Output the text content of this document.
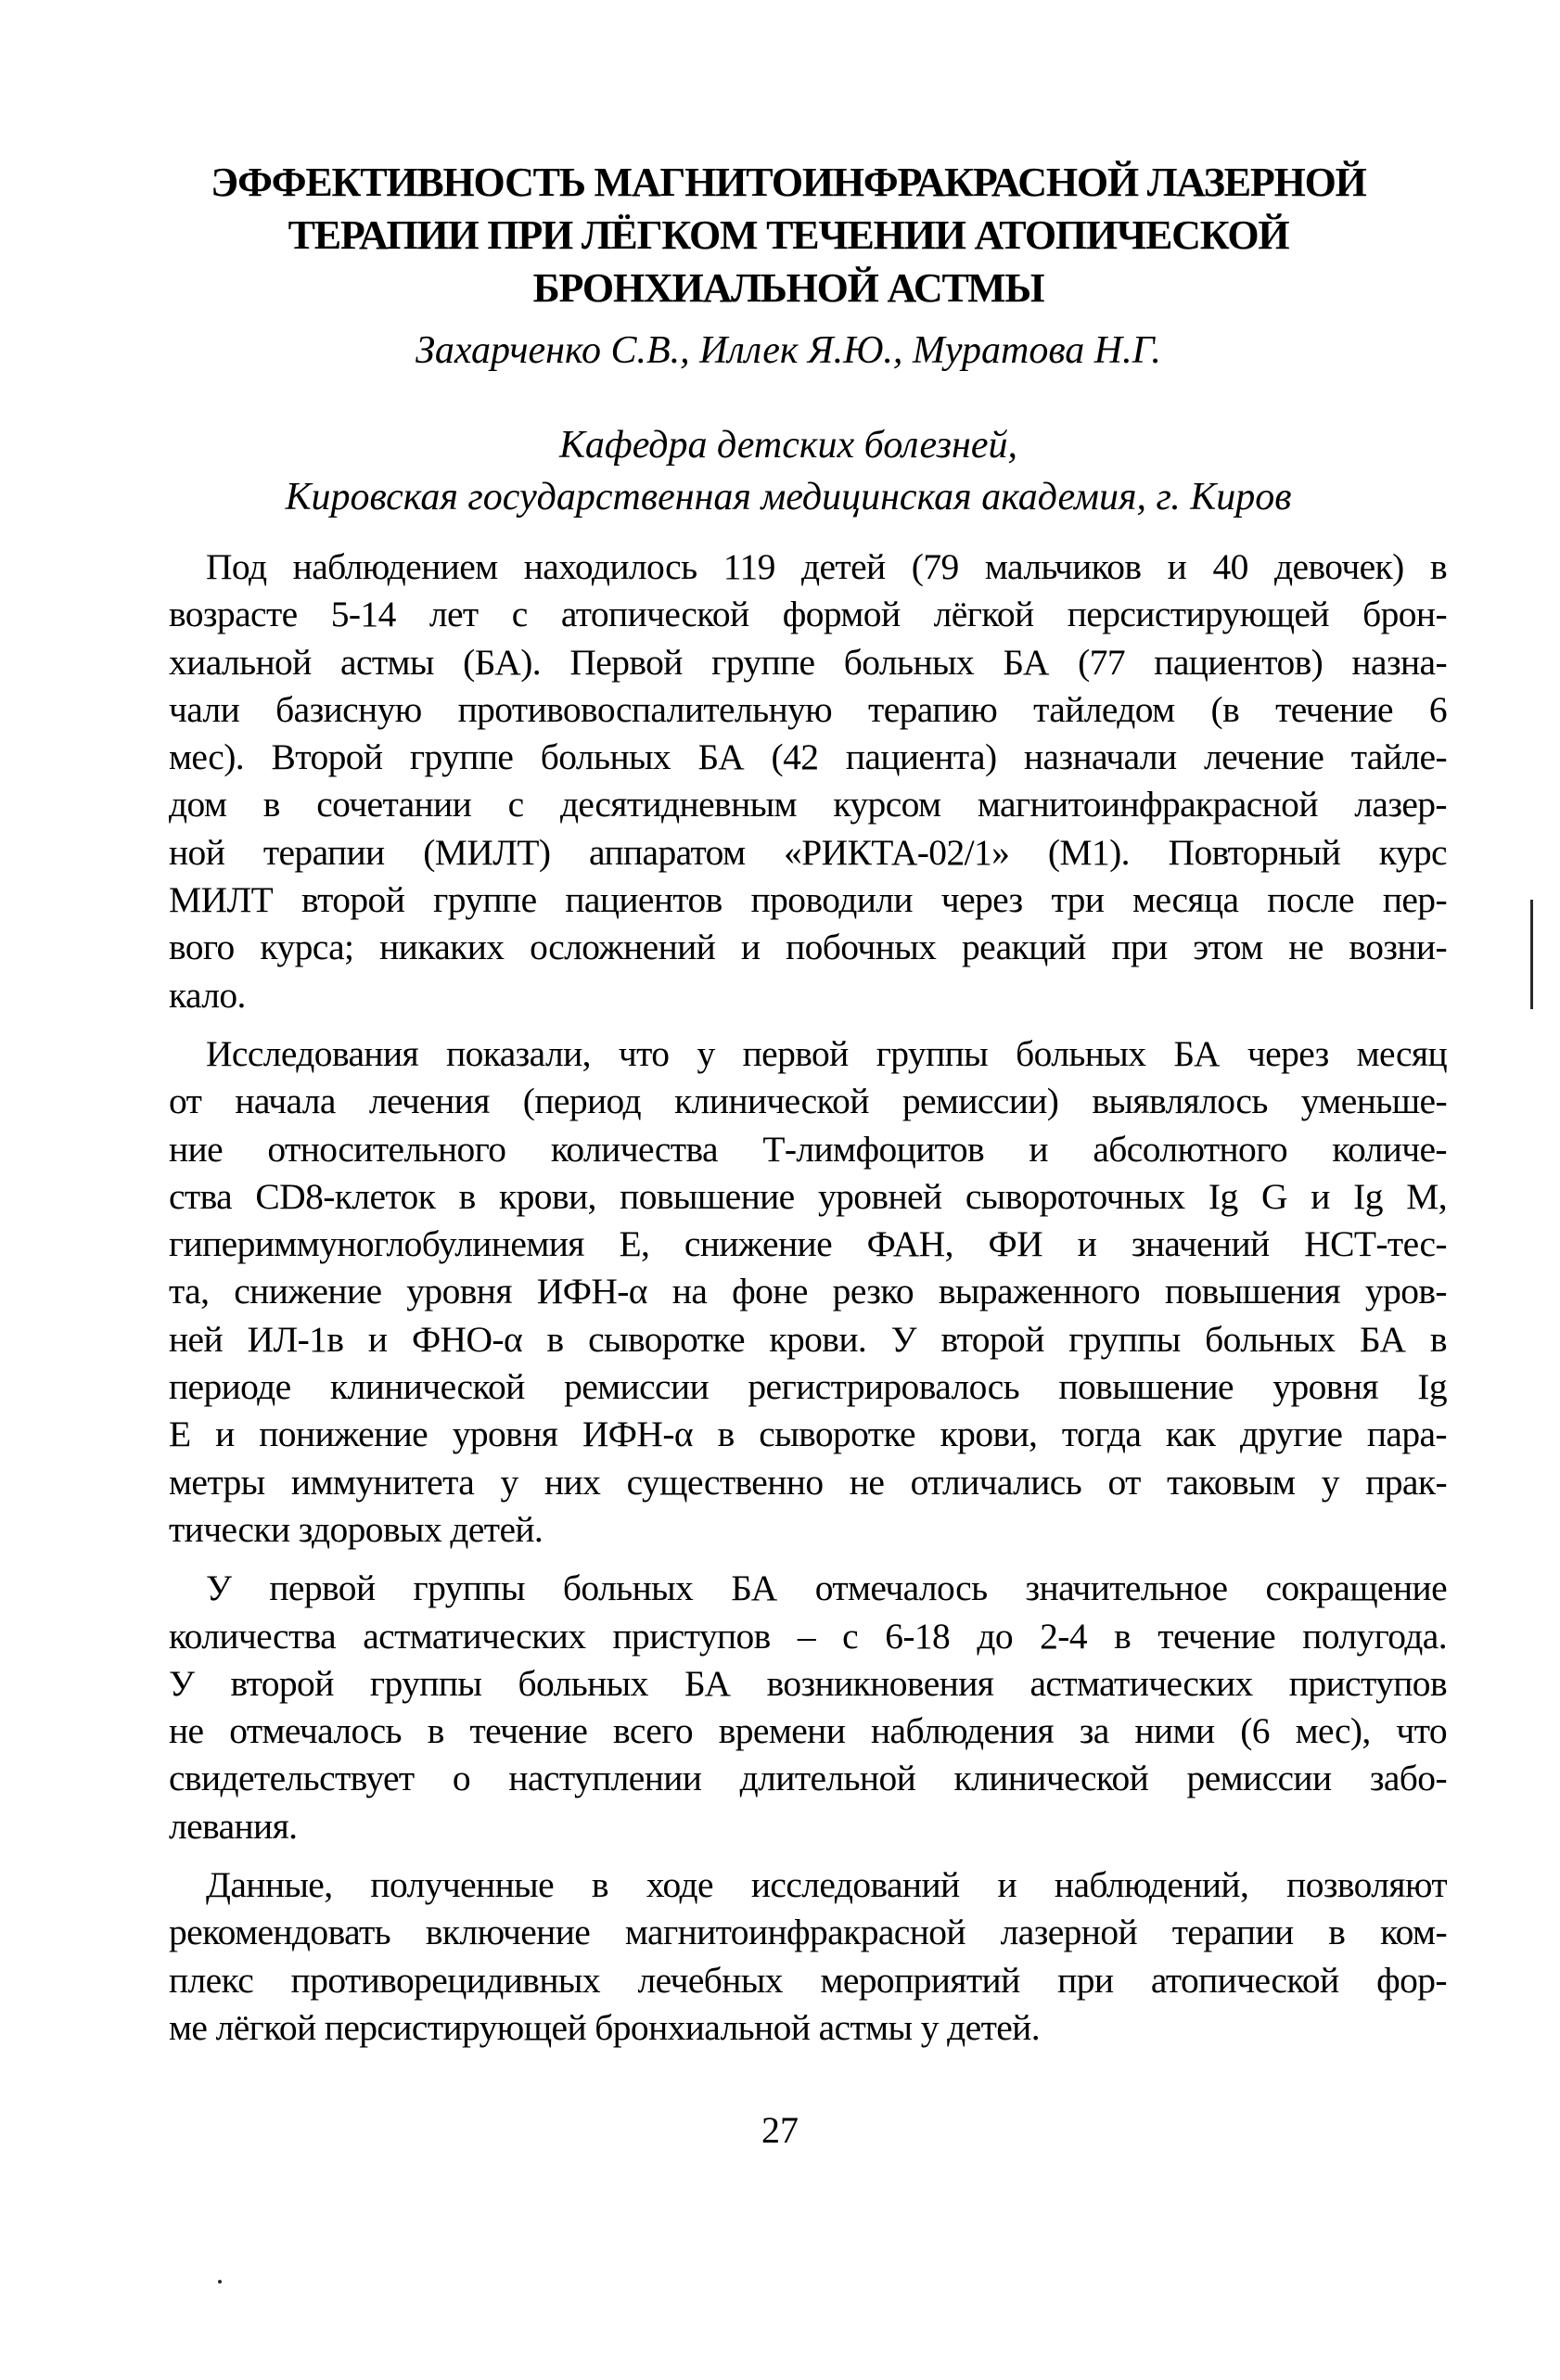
ЭФФЕКТИВНОСТЬ МАГНИТОИНФРАКРАСНОЙ ЛАЗЕРНОЙ
ТЕРАПИИ ПРИ ЛЁГКОМ ТЕЧЕНИИ АТОПИЧЕСКОЙ
БРОНХИАЛЬНОЙ АСТМЫ
Захарченко С.В., Иллек Я.Ю., Муратова Н.Г.
Кафедра детских болезней,
Кировская государственная медицинская академия, г. Киров
Под наблюдением находилось 119 детей (79 мальчиков и 40 девочек) в
возрасте 5-14 лет с атопической формой лёгкой персистирующей брон-
хиальной астмы (БА). Первой группе больных БА (77 пациентов) назна-
чали базисную противовоспалительную терапию тайледом (в течение 6
мес). Второй группе больных БА (42 пациента) назначали лечение тайле-
дом в сочетании с десятидневным курсом магнитоинфракрасной лазер-
ной терапии (МИЛТ) аппаратом «РИКТА-02/1» (М1). Повторный курс
МИЛТ второй группе пациентов проводили через три месяца после пер-
вого курса; никаких осложнений и побочных реакций при этом не возни-
кало.
Исследования показали, что у первой группы больных БА через месяц
от начала лечения (период клинической ремиссии) выявлялось уменьше-
ние относительного количества Т-лимфоцитов и абсолютного количе-
ства CD8-клеток в крови, повышение уровней сывороточных Ig G и Ig M,
гипериммуноглобулинемия Е, снижение ФАН, ФИ и значений НСТ-тес-
та, снижение уровня ИФН-α на фоне резко выраженного повышения уров-
ней ИЛ-1в и ФНО-α в сыворотке крови. У второй группы больных БА в
периоде клинической ремиссии регистрировалось повышение уровня Ig
E и понижение уровня ИФН-α в сыворотке крови, тогда как другие пара-
метры иммунитета у них существенно не отличались от таковым у прак-
тически здоровых детей.
У первой группы больных БА отмечалось значительное сокращение
количества астматических приступов – с 6-18 до 2-4 в течение полугода.
У второй группы больных БА возникновения астматических приступов
не отмечалось в течение всего времени наблюдения за ними (6 мес), что
свидетельствует о наступлении длительной клинической ремиссии забо-
левания.
Данные, полученные в ходе исследований и наблюдений, позволяют
рекомендовать включение магнитоинфракрасной лазерной терапии в ком-
плекс противорецидивных лечебных мероприятий при атопической фор-
ме лёгкой персистирующей бронхиальной астмы у детей.
27
